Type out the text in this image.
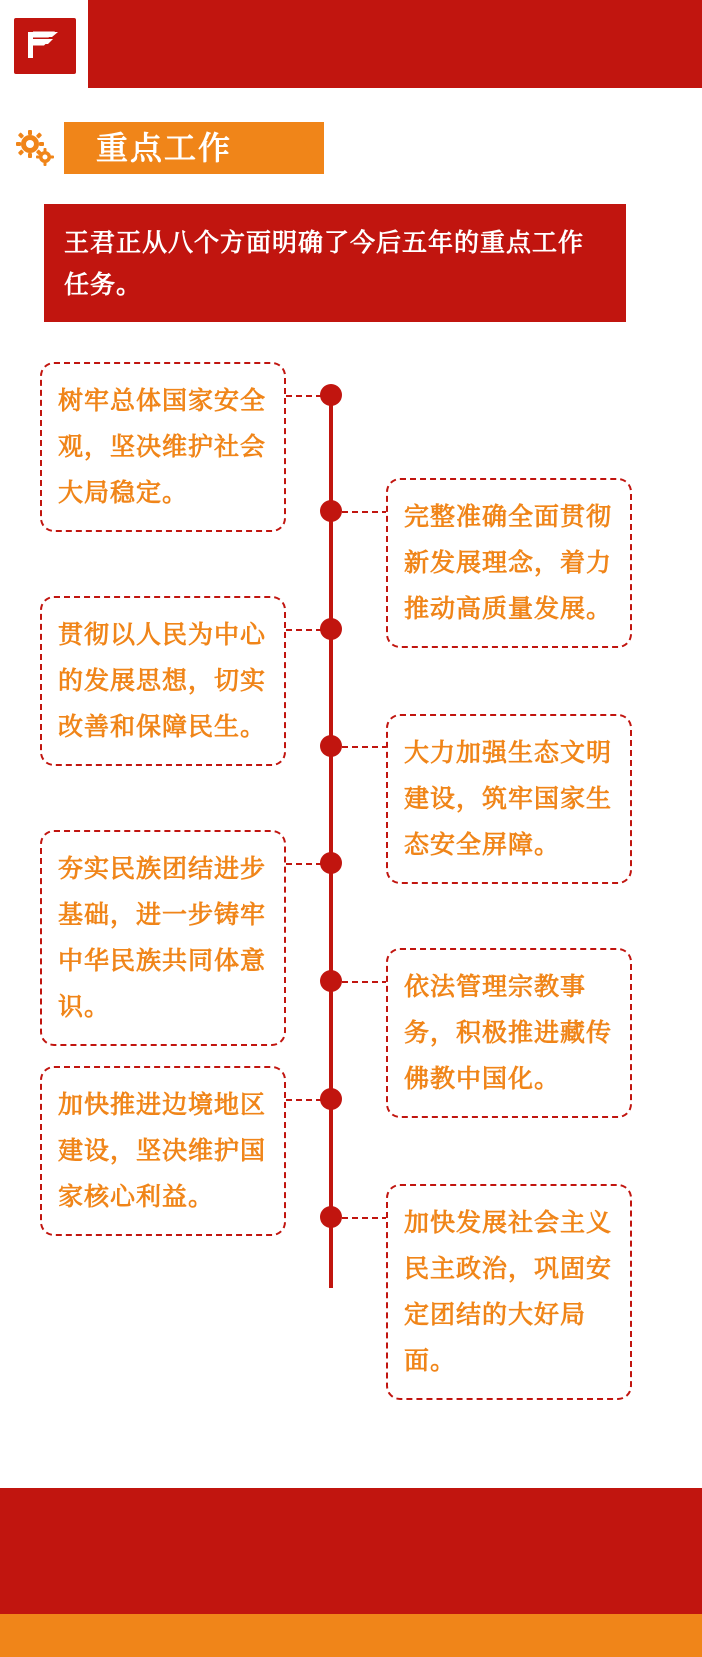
重点工作
王君正从八个方面明确了今后五年的重点工作任务。
树牢总体国家安全观，坚决维护社会大局稳定。
完整准确全面贯彻新发展理念，着力推动高质量发展。
贯彻以人民为中心的发展思想，切实改善和保障民生。
大力加强生态文明建设，筑牢国家生态安全屏障。
夯实民族团结进步基础，进一步铸牢中华民族共同体意识。
依法管理宗教事务，积极推进藏传佛教中国化。
加快推进边境地区建设，坚决维护国家核心利益。
加快发展社会主义民主政治，巩固安定团结的大好局面。
